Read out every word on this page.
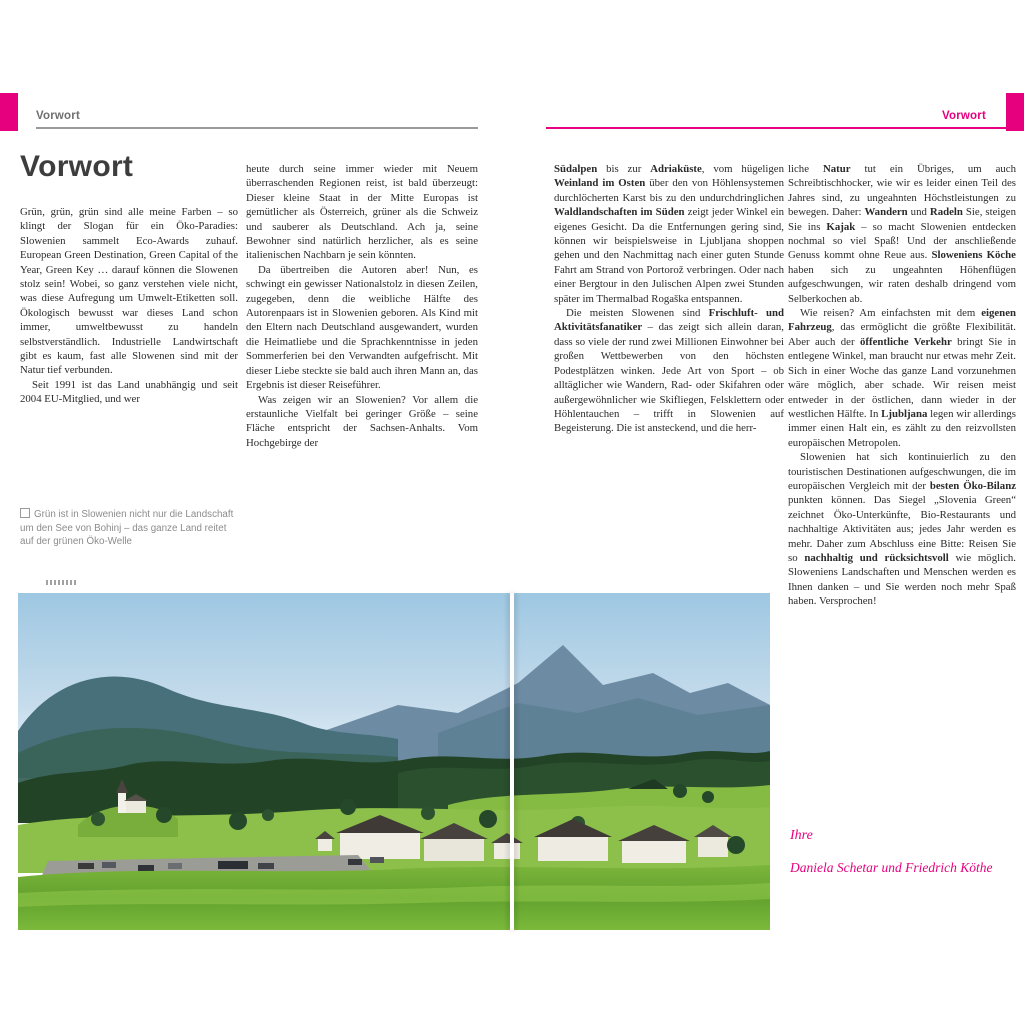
Vorwort	Vorwort
Vorwort

Grün, grün, grün sind alle meine Farben – so klingt der Slogan für ein Öko-Paradies: Slowenien sammelt Eco-Awards zuhauf. European Green Destination, Green Capital of the Year, Green Key … darauf können die Slowenen stolz sein! Wobei, so ganz verstehen viele nicht, was diese Aufregung um Umwelt-Etiketten soll. Ökologisch bewusst war dieses Land schon immer, umweltbewusst zu handeln selbstverständlich. Industrielle Landwirtschaft gibt es kaum, fast alle Slowenen sind mit der Natur tief verbunden.

Seit 1991 ist das Land unabhängig und seit 2004 EU-Mitglied, und wer

Grün ist in Slowenien nicht nur die Landschaft um den See von Bohinj – das ganze Land reitet auf der grünen Öko-Welle

heute durch seine immer wieder mit Neuem überraschenden Regionen reist, ist bald überzeugt: Dieser kleine Staat in der Mitte Europas ist gemütlicher als Österreich, grüner als die Schweiz und sauberer als Deutschland. Ach ja, seine Bewohner sind natürlich herzlicher, als es seine italienischen Nachbarn je sein könnten.

Da übertreiben die Autoren aber! Nun, es schwingt ein gewisser Nationalstolz in diesen Zeilen, zugegeben, denn die weibliche Hälfte des Autorenpaars ist in Slowenien geboren. Als Kind mit den Eltern nach Deutschland ausgewandert, wurden die Heimatliebe und die Sprachkenntnisse in jeden Sommerferien bei den Verwandten aufgefrischt. Mit dieser Liebe steckte sie bald auch ihren Mann an, das Ergebnis ist dieser Reiseführer.

Was zeigen wir an Slowenien? Vor allem die erstaunliche Vielfalt bei geringer Größe – seine Fläche entspricht der Sachsen-Anhalts. Vom Hochgebirge der

Südalpen bis zur Adriaküste, vom hügeligen Weinland im Osten über den von Höhlensystemen durchlöcherten Karst bis zu den undurchdringlichen Waldlandschaften im Süden zeigt jeder Winkel ein eigenes Gesicht. Da die Entfernungen gering sind, können wir beispielsweise in Ljubljana shoppen gehen und den Nachmittag nach einer guten Stunde Fahrt am Strand von Portorož verbringen. Oder nach einer Bergtour in den Julischen Alpen zwei Stunden später im Thermalbad Rogaška entspannen.

Die meisten Slowenen sind Frischluft- und Aktivitätsfanatiker – das zeigt sich allein daran, dass so viele der rund zwei Millionen Einwohner bei großen Wettbewerben von den höchsten Podestplätzen winken. Jede Art von Sport – ob alltäglicher wie Wandern, Rad- oder Skifahren oder außergewöhnlicher wie Skifliegen, Felsklettern oder Höhlentauchen – trifft in Slowenien auf Begeisterung. Die ist ansteckend, und die herr-

liche Natur tut ein Übriges, um auch Schreibtischhocker, wie wir es leider einen Teil des Jahres sind, zu ungeahnten Höchstleistungen zu bewegen. Daher: Wandern und Radeln Sie, steigen Sie ins Kajak – so macht Slowenien entdecken nochmal so viel Spaß! Und der anschließende Genuss kommt ohne Reue aus. Sloweniens Köche haben sich zu ungeahnten Höhenflügen aufgeschwungen, wir raten deshalb dringend vom Selberkochen ab.

Wie reisen? Am einfachsten mit dem eigenen Fahrzeug, das ermöglicht die größte Flexibilität. Aber auch der öffentliche Verkehr bringt Sie in entlegene Winkel, man braucht nur etwas mehr Zeit. Sich in einer Woche das ganze Land vorzunehmen wäre möglich, aber schade. Wir reisen meist entweder in der östlichen, dann wieder in der westlichen Hälfte. In Ljubljana legen wir allerdings immer einen Halt ein, es zählt zu den reizvollsten europäischen Metropolen.

Slowenien hat sich kontinuierlich zu den touristischen Destinationen aufgeschwungen, die im europäischen Vergleich mit der besten Öko-Bilanz punkten können. Das Siegel „Slovenia Green“ zeichnet Öko-Unterkünfte, Bio-Restaurants und nachhaltige Aktivitäten aus; jedes Jahr werden es mehr. Daher zum Abschluss eine Bitte: Reisen Sie so nachhaltig und rücksichtsvoll wie möglich. Sloweniens Landschaften und Menschen werden es Ihnen danken – und Sie werden noch mehr Spaß haben. Versprochen!

Ihre
Daniela Schetar und Friedrich Köthe
